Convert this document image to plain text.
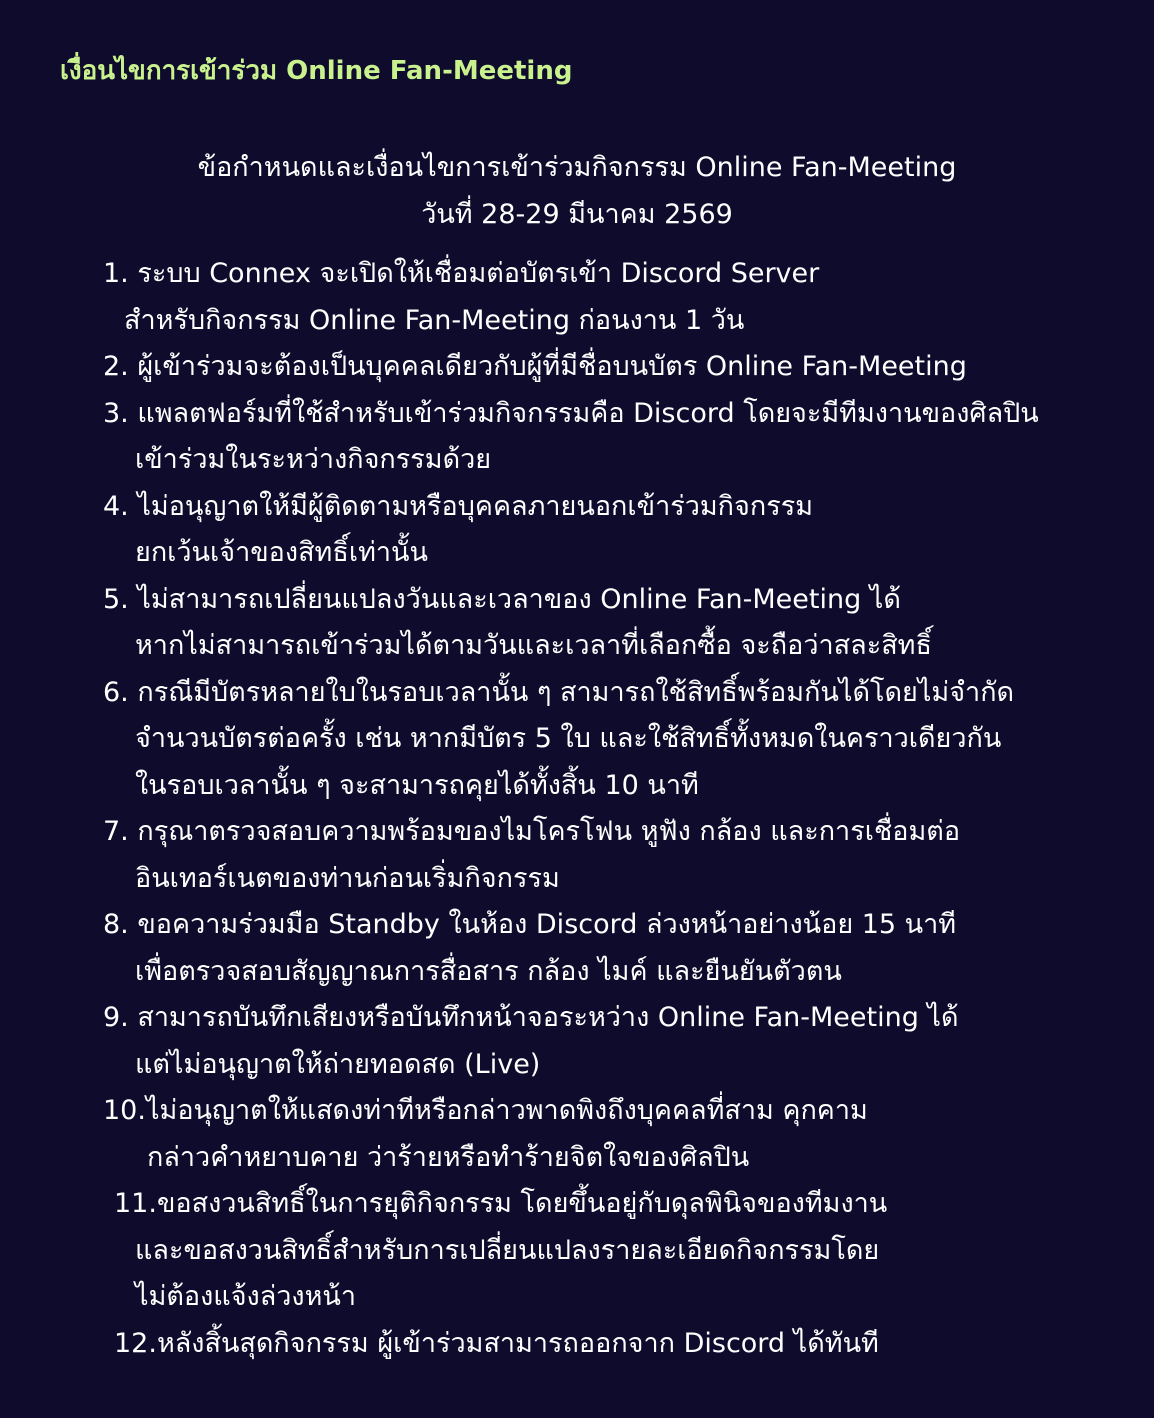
เงื่อนไขการเข้าร่วม Online Fan-Meeting
ข้อกำหนดและเงื่อนไขการเข้าร่วมกิจกรรม Online Fan-Meeting
วันที่ 28-29 มีนาคม 2569
1. ระบบ Connex จะเปิดให้เชื่อมต่อบัตรเข้า Discord Server
สำหรับกิจกรรม Online Fan-Meeting ก่อนงาน 1 วัน
2. ผู้เข้าร่วมจะต้องเป็นบุคคลเดียวกับผู้ที่มีชื่อบนบัตร Online Fan-Meeting
3. แพลตฟอร์มที่ใช้สำหรับเข้าร่วมกิจกรรมคือ Discord โดยจะมีทีมงานของศิลปิน
เข้าร่วมในระหว่างกิจกรรมด้วย
4. ไม่อนุญาตให้มีผู้ติดตามหรือบุคคลภายนอกเข้าร่วมกิจกรรม
ยกเว้นเจ้าของสิทธิ์เท่านั้น
5. ไม่สามารถเปลี่ยนแปลงวันและเวลาของ Online Fan-Meeting ได้
หากไม่สามารถเข้าร่วมได้ตามวันและเวลาที่เลือกซื้อ จะถือว่าสละสิทธิ์
6. กรณีมีบัตรหลายใบในรอบเวลานั้น ๆ สามารถใช้สิทธิ์พร้อมกันได้โดยไม่จำกัด
จำนวนบัตรต่อครั้ง เช่น หากมีบัตร 5 ใบ และใช้สิทธิ์ทั้งหมดในคราวเดียวกัน
ในรอบเวลานั้น ๆ จะสามารถคุยได้ทั้งสิ้น 10 นาที
7. กรุณาตรวจสอบความพร้อมของไมโครโฟน หูฟัง กล้อง และการเชื่อมต่อ
อินเทอร์เนตของท่านก่อนเริ่มกิจกรรม
8. ขอความร่วมมือ Standby ในห้อง Discord ล่วงหน้าอย่างน้อย 15 นาที
เพื่อตรวจสอบสัญญาณการสื่อสาร กล้อง ไมค์ และยืนยันตัวตน
9. สามารถบันทึกเสียงหรือบันทึกหน้าจอระหว่าง Online Fan-Meeting ได้
แต่ไม่อนุญาตให้ถ่ายทอดสด (Live)
10.ไม่อนุญาตให้แสดงท่าทีหรือกล่าวพาดพิงถึงบุคคลที่สาม คุกคาม
กล่าวคำหยาบคาย ว่าร้ายหรือทำร้ายจิตใจของศิลปิน
11.ขอสงวนสิทธิ์ในการยุติกิจกรรม โดยขึ้นอยู่กับดุลพินิจของทีมงาน
และขอสงวนสิทธิ์สำหรับการเปลี่ยนแปลงรายละเอียดกิจกรรมโดย
ไม่ต้องแจ้งล่วงหน้า
12.หลังสิ้นสุดกิจกรรม ผู้เข้าร่วมสามารถออกจาก Discord ได้ทันที
